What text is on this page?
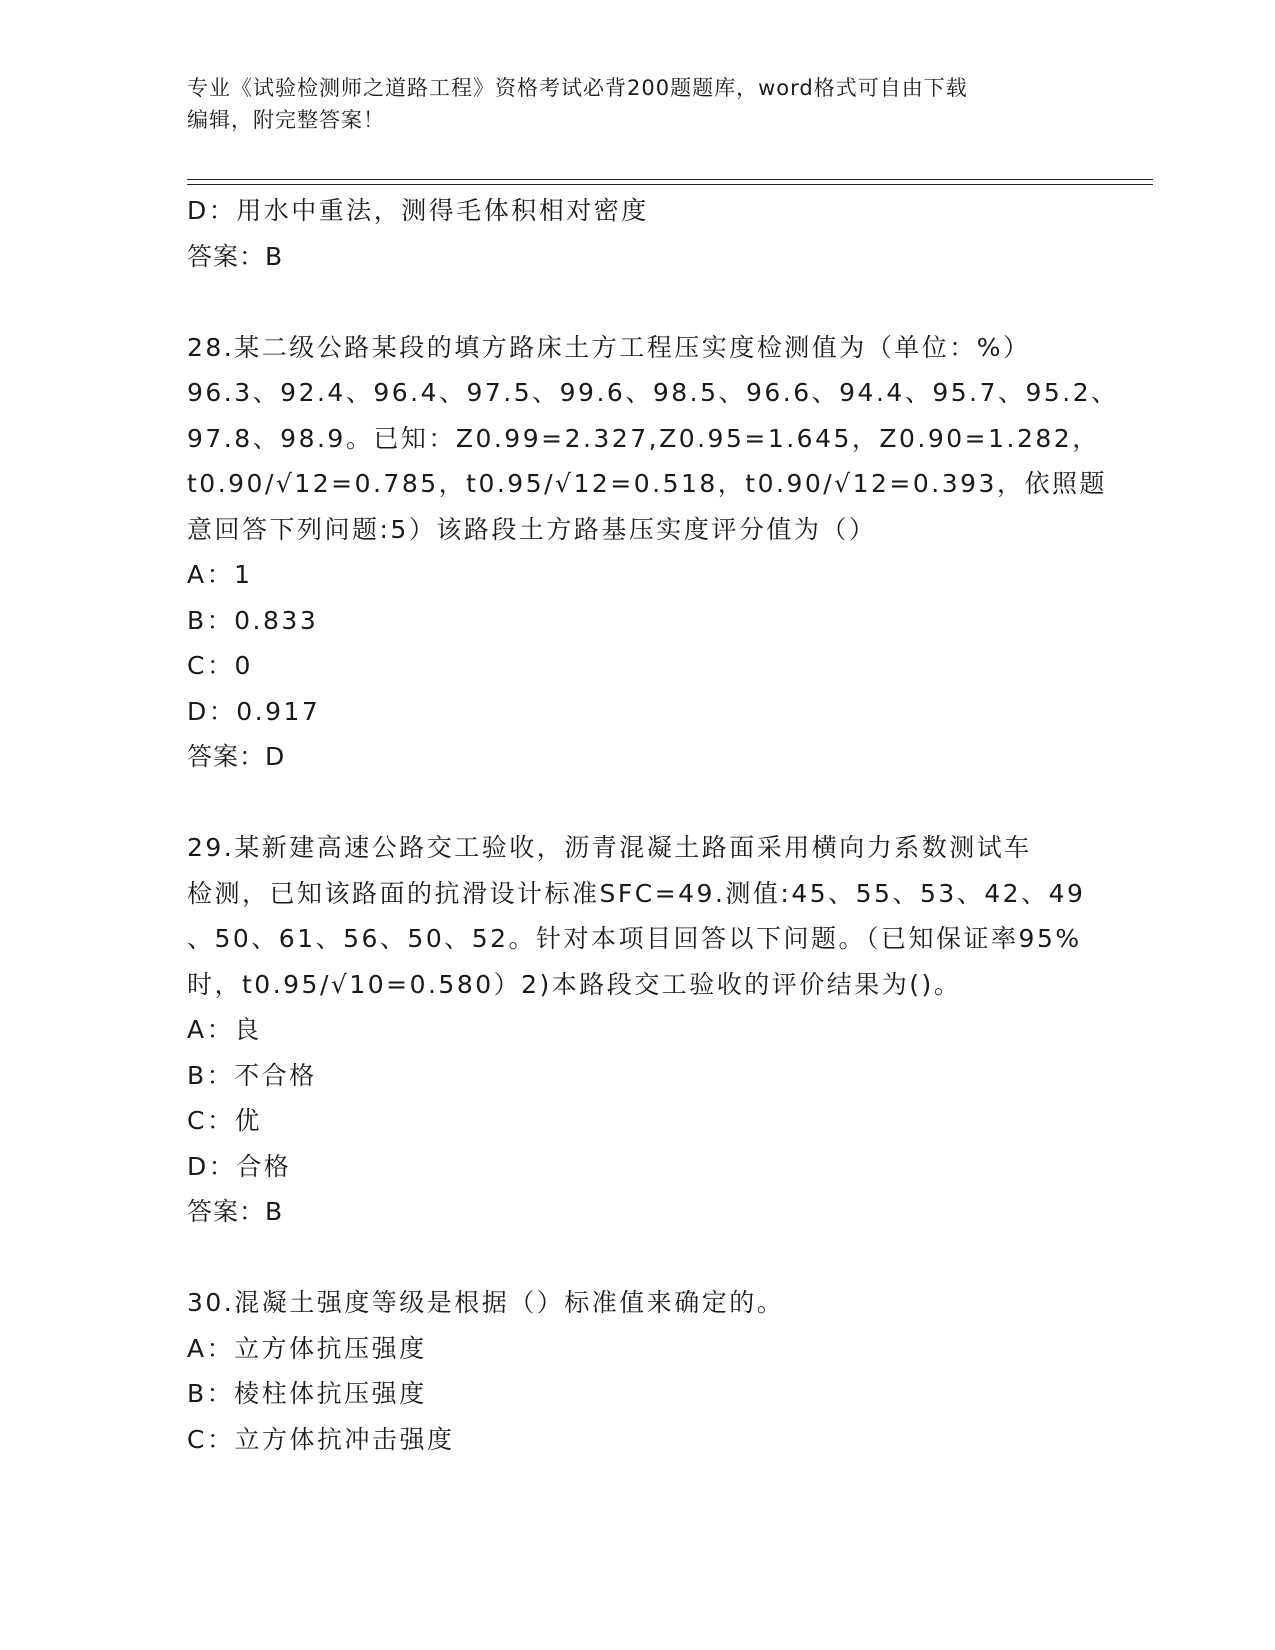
专业《试验检测师之道路工程》资格考试必背200题题库，word格式可自由下载
编辑，附完整答案！
D：用水中重法，测得毛体积相对密度
答案：B
28.某二级公路某段的填方路床土方工程压实度检测值为（单位：%）
96.3、92.4、96.4、97.5、99.6、98.5、96.6、94.4、95.7、95.2、
97.8、98.9。已知：Z0.99=2.327,Z0.95=1.645，Z0.90=1.282，
t0.90/√12=0.785，t0.95/√12=0.518，t0.90/√12=0.393，依照题
意回答下列问题:5）该路段土方路基压实度评分值为（）
A：1
B：0.833
C：0
D：0.917
答案：D
29.某新建高速公路交工验收，沥青混凝土路面采用横向力系数测试车
检测，已知该路面的抗滑设计标准SFC=49.测值:45、55、53、42、49
、50、61、56、50、52。针对本项目回答以下问题。（已知保证率95%
时，t0.95/√10=0.580）2)本路段交工验收的评价结果为()。
A：良
B：不合格
C：优
D：合格
答案：B
30.混凝土强度等级是根据（）标准值来确定的。
A：立方体抗压强度
B：棱柱体抗压强度
C：立方体抗冲击强度
